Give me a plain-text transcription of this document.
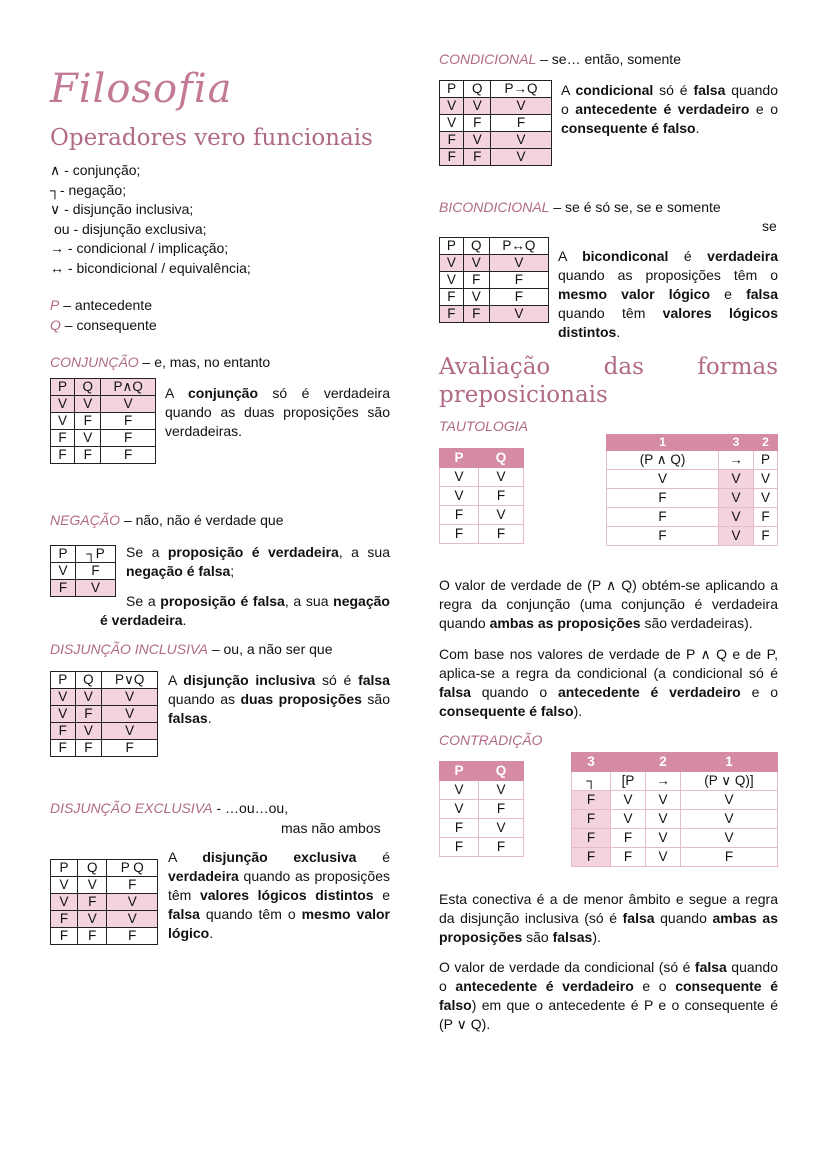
Filosofia
Operadores vero funcionais
∧ - conjunção;
┐- negação;
∨ - disjunção inclusiva;
ou - disjunção exclusiva;
→ - condicional / implicação;
↔ - bicondicional / equivalência;
P – antecedente
Q – consequente
CONJUNÇÃO – e, mas, no entanto
P	Q	P∧Q
V	V	V
V	F	F
F	V	F
F	F	F
A conjunção só é verdadeira quando as duas proposições são verdadeiras.
NEGAÇÃO – não, não é verdade que
P	┐P
V	F
F	V
Se a proposição é verdadeira, a sua negação é falsa;
Se a proposição é falsa, a sua negação é verdadeira.
DISJUNÇÃO INCLUSIVA – ou, a não ser que
P	Q	P∨Q
V	V	V
V	F	V
F	V	V
F	F	F
A disjunção inclusiva só é falsa quando as duas proposições são falsas.
DISJUNÇÃO EXCLUSIVA - …ou…ou,
mas não ambos
P	Q	P Q
V	V	F
V	F	V
F	V	V
F	F	F
A disjunção exclusiva é verdadeira quando as proposições têm valores lógicos distintos e falsa quando têm o mesmo valor lógico.
CONDICIONAL – se… então, somente
P	Q	P→Q
V	V	V
V	F	F
F	V	V
F	F	V
A condicional só é falsa quando o antecedente é verdadeiro e o consequente é falso.
BICONDICIONAL – se é só se, se e somente
se
P	Q	P↔Q
V	V	V
V	F	F
F	V	F
F	F	V
A bicondiconal é verdadeira quando as proposições têm o mesmo valor lógico e falsa quando têm valores lógicos distintos.
Avaliação das formas
preposicionais
TAUTOLOGIA
P	Q
V	V
V	F
F	V
F	F
1	3	2
(P ∧ Q)	→	P
V	V	V
F	V	V
F	V	F
F	V	F
O valor de verdade de (P ∧ Q) obtém-se aplicando a regra da conjunção (uma conjunção é verdadeira quando ambas as proposições são verdadeiras).
Com base nos valores de verdade de P ∧ Q e de P, aplica-se a regra da condicional (a condicional só é falsa quando o antecedente é verdadeiro e o consequente é falso).
CONTRADIÇÃO
P	Q
V	V
V	F
F	V
F	F
3		2	1
┐	[P	→	(P ∨ Q)]
F	V	V	V
F	V	V	V
F	F	V	V
F	F	V	F
Esta conectiva é a de menor âmbito e segue a regra da disjunção inclusiva (só é falsa quando ambas as proposições são falsas).
O valor de verdade da condicional (só é falsa quando o antecedente é verdadeiro e o consequente é falso) em que o antecedente é P e o consequente é (P ∨ Q).
